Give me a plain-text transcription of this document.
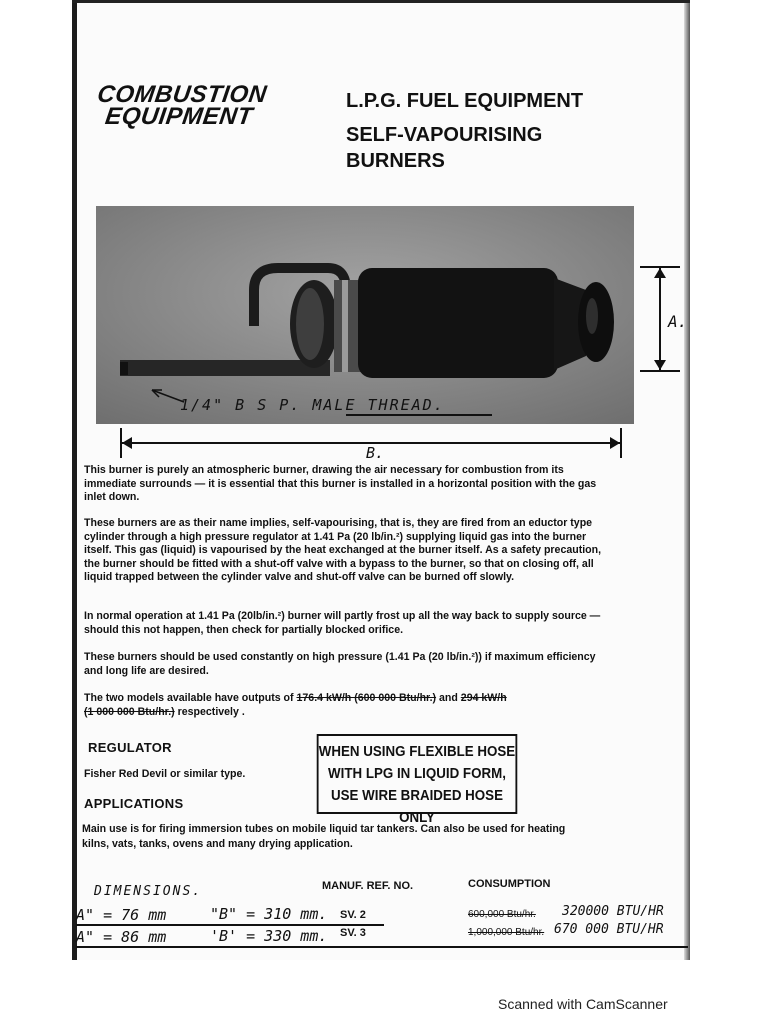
COMBUSTION
EQUIPMENT
L.P.G. FUEL EQUIPMENT
SELF-VAPOURISING
BURNERS
1/4" B S P. MALE THREAD.
A.
B.
This burner is purely an atmospheric burner, drawing the air necessary for combustion from its immediate surrounds — it is essential that this burner is installed in a horizontal position with the gas inlet down.
These burners are as their name implies, self-vapourising, that is, they are fired from an eductor type cylinder through a high pressure regulator at 1.41 Pa (20 lb/in.²) supplying liquid gas into the burner itself. This gas (liquid) is vapourised by the heat exchanged at the burner itself. As a safety precaution, the burner should be fitted with a shut-off valve with a bypass to the burner, so that on closing off, all liquid trapped between the cylinder valve and shut-off valve can be burned off slowly.
In normal operation at 1.41 Pa (20lb/in.²) burner will partly frost up all the way back to supply source — should this not happen, then check for partially blocked orifice.
These burners should be used constantly on high pressure (1.41 Pa (20 lb/in.²)) if maximum efficiency and long life are desired.
The two models available have outputs of 176.4 kW/h (600 000 Btu/hr.) and 294 kW/h
(1 000 000 Btu/hr.) respectively .
REGULATOR
Fisher Red Devil or similar type.
WHEN USING FLEXIBLE HOSE
WITH LPG IN LIQUID FORM,
USE WIRE BRAIDED HOSE ONLY
APPLICATIONS
Main use is for firing immersion tubes on mobile liquid tar tankers. Can also be used for heating
kilns, vats, tanks, ovens and many drying application.
DIMENSIONS.	MANUF. REF. NO.	CONSUMPTION
A" = 76 mm	"B" = 310 mm. SV. 2	600,000 Btu/hr. 320000 BTU/HR
A" = 86 mm	'B' = 330 mm. SV. 3	1,000,000 Btu/hr. 670 000 BTU/HR
Scanned with CamScanner
